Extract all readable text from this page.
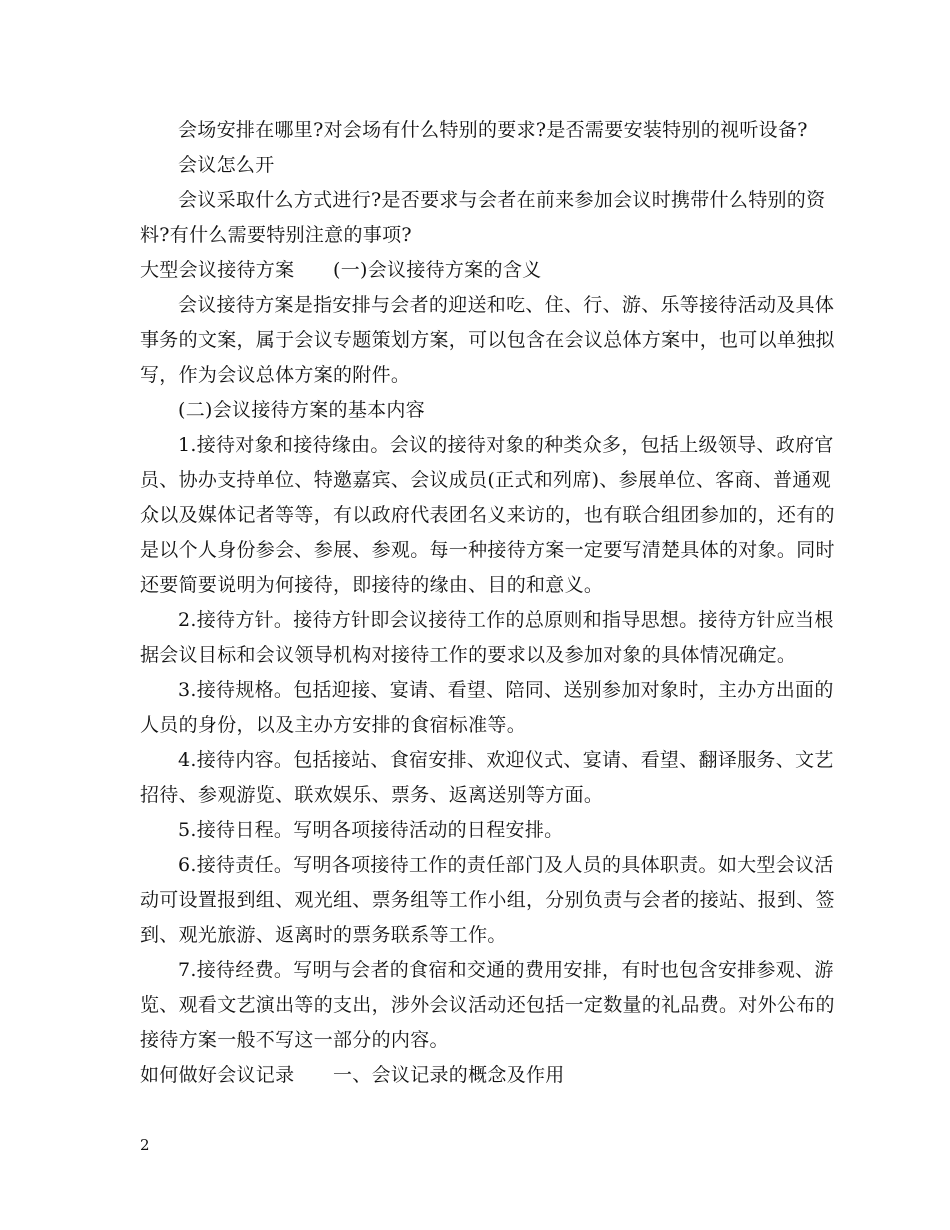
会场安排在哪里?对会场有什么特别的要求?是否需要安装特别的视听设备?
会议怎么开
会议采取什么方式进行?是否要求与会者在前来参加会议时携带什么特别的资
料?有什么需要特别注意的事项?
大型会议接待方案　　(一)会议接待方案的含义
会议接待方案是指安排与会者的迎送和吃、住、行、游、乐等接待活动及具体
事务的文案，属于会议专题策划方案，可以包含在会议总体方案中，也可以单独拟
写，作为会议总体方案的附件。
(二)会议接待方案的基本内容
1.接待对象和接待缘由。会议的接待对象的种类众多，包括上级领导、政府官
员、协办支持单位、特邀嘉宾、会议成员(正式和列席)、参展单位、客商、普通观
众以及媒体记者等等，有以政府代表团名义来访的，也有联合组团参加的，还有的
是以个人身份参会、参展、参观。每一种接待方案一定要写清楚具体的对象。同时
还要简要说明为何接待，即接待的缘由、目的和意义。
2.接待方针。接待方针即会议接待工作的总原则和指导思想。接待方针应当根
据会议目标和会议领导机构对接待工作的要求以及参加对象的具体情况确定。
3.接待规格。包括迎接、宴请、看望、陪同、送别参加对象时，主办方出面的
人员的身份，以及主办方安排的食宿标准等。
4.接待内容。包括接站、食宿安排、欢迎仪式、宴请、看望、翻译服务、文艺
招待、参观游览、联欢娱乐、票务、返离送别等方面。
5.接待日程。写明各项接待活动的日程安排。
6.接待责任。写明各项接待工作的责任部门及人员的具体职责。如大型会议活
动可设置报到组、观光组、票务组等工作小组，分别负责与会者的接站、报到、签
到、观光旅游、返离时的票务联系等工作。
7.接待经费。写明与会者的食宿和交通的费用安排，有时也包含安排参观、游
览、观看文艺演出等的支出，涉外会议活动还包括一定数量的礼品费。对外公布的
接待方案一般不写这一部分的内容。
如何做好会议记录　　一、会议记录的概念及作用
2
